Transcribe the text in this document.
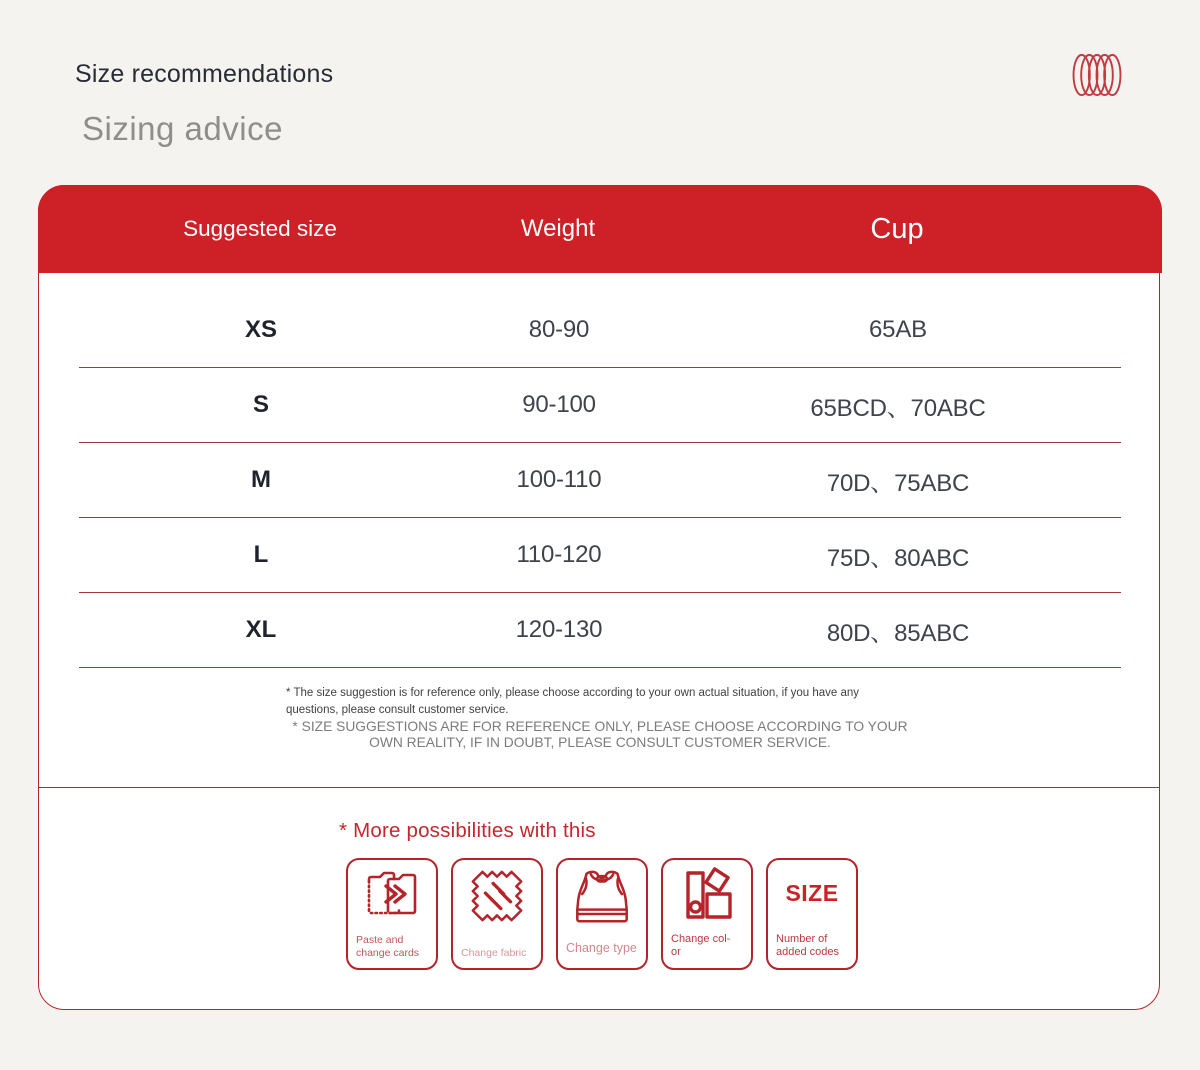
Size recommendations
Sizing advice
Suggested size	Weight	Cup
XS	80-90	65AB
S	90-100	65BCD、70ABC
M	100-110	70D、75ABC
L	110-120	75D、80ABC
XL	120-130	80D、85ABC
* The size suggestion is for reference only, please choose according to your own actual situation, if you have any questions, please consult customer service.
* SIZE SUGGESTIONS ARE FOR REFERENCE ONLY, PLEASE CHOOSE ACCORDING TO YOUR OWN REALITY, IF IN DOUBT, PLEASE CONSULT CUSTOMER SERVICE.
* More possibilities with this
Paste and
change cards	Change fabric	Change type
Change col-
or
SIZE
Number of
added codes
